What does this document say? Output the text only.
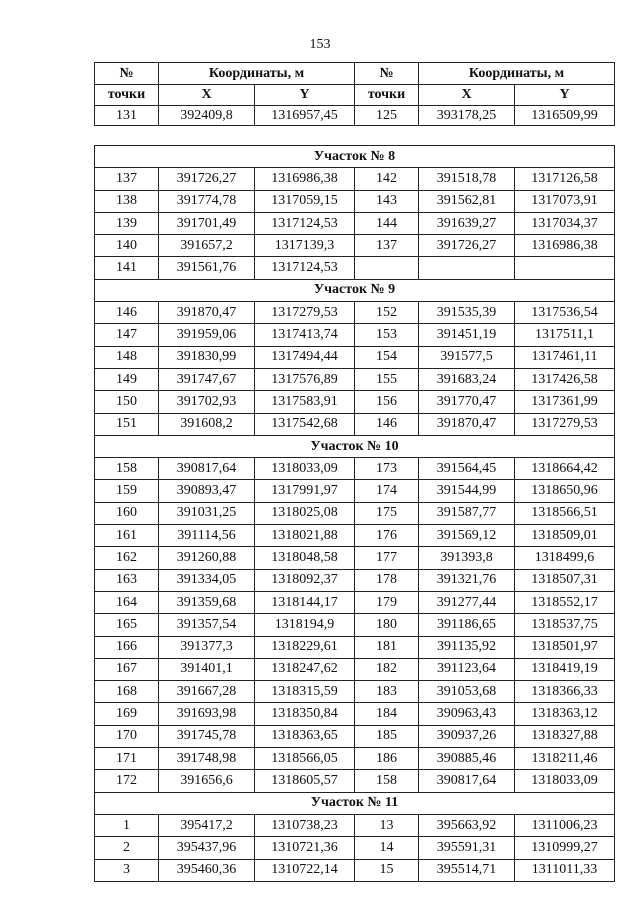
153
№	Координаты, м		№	Координаты, м	
точки	X	Y	точки	X	Y
131	392409,8	1316957,45	125	393178,25	1316509,99
Участок № 8					
137	391726,27	1316986,38	142	391518,78	1317126,58
138	391774,78	1317059,15	143	391562,81	1317073,91
139	391701,49	1317124,53	144	391639,27	1317034,37
140	391657,2	1317139,3	137	391726,27	1316986,38
141	391561,76	1317124,53			
Участок № 9					
146	391870,47	1317279,53	152	391535,39	1317536,54
147	391959,06	1317413,74	153	391451,19	1317511,1
148	391830,99	1317494,44	154	391577,5	1317461,11
149	391747,67	1317576,89	155	391683,24	1317426,58
150	391702,93	1317583,91	156	391770,47	1317361,99
151	391608,2	1317542,68	146	391870,47	1317279,53
Участок № 10					
158	390817,64	1318033,09	173	391564,45	1318664,42
159	390893,47	1317991,97	174	391544,99	1318650,96
160	391031,25	1318025,08	175	391587,77	1318566,51
161	391114,56	1318021,88	176	391569,12	1318509,01
162	391260,88	1318048,58	177	391393,8	1318499,6
163	391334,05	1318092,37	178	391321,76	1318507,31
164	391359,68	1318144,17	179	391277,44	1318552,17
165	391357,54	1318194,9	180	391186,65	1318537,75
166	391377,3	1318229,61	181	391135,92	1318501,97
167	391401,1	1318247,62	182	391123,64	1318419,19
168	391667,28	1318315,59	183	391053,68	1318366,33
169	391693,98	1318350,84	184	390963,43	1318363,12
170	391745,78	1318363,65	185	390937,26	1318327,88
171	391748,98	1318566,05	186	390885,46	1318211,46
172	391656,6	1318605,57	158	390817,64	1318033,09
Участок № 11					
1	395417,2	1310738,23	13	395663,92	1311006,23
2	395437,96	1310721,36	14	395591,31	1310999,27
3	395460,36	1310722,14	15	395514,71	1311011,33
